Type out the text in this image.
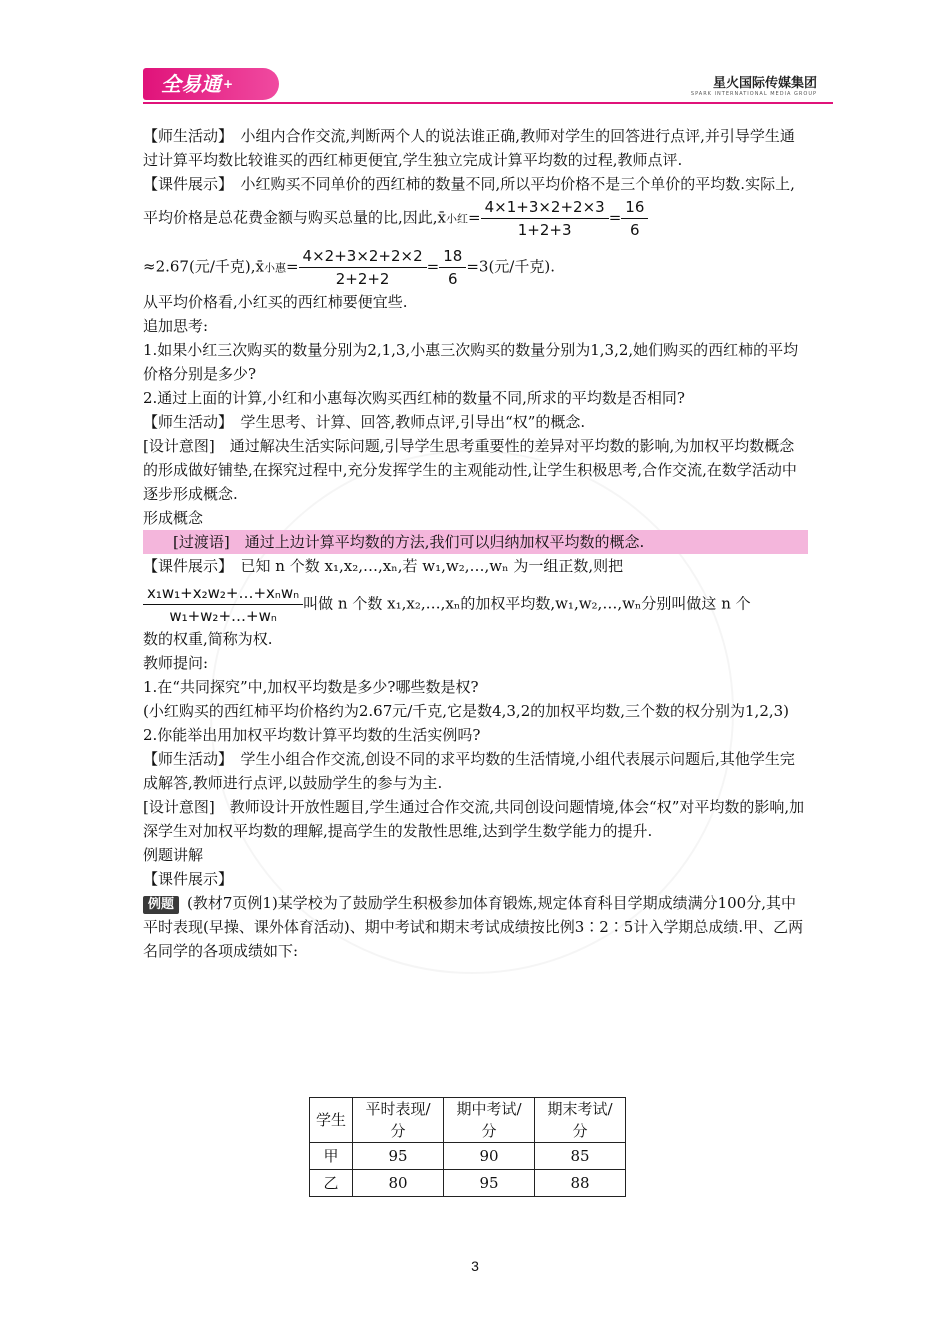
全易通 +	星火国际传媒集团
SPARK INTERNATIONAL MEDIA GROUP

【师生活动】　 小组内合作交流,判断两个人的说法谁正确,教师对学生的回答进行点评,并引导学生通过计算平均数比较谁买的西红柿更便宜,学生独立完成计算平均数的过程,教师点评.

【课件展示】　 小红购买不同单价的西红柿的数量不同,所以平均价格不是三个单价的平均数.实际上,平均价格是总花费金额与购买总量的比,因此,x̄小红= $\frac{4\times 1+3\times 2+2\times 3}{1+2+3} = \frac{16}{6}$

≈2.67(元/千克),x̄小惠= $\frac{4\times 2+3\times 2+2\times 2}{2+2+2} = \frac{18}{6} =3$(元/千克).

从平均价格看,小红买的西红柿要便宜些.

追加思考:

1.如果小红三次购买的数量分别为2,1,3,小惠三次购买的数量分别为1,3,2,她们购买的西红柿的平均价格分别是多少?

2.通过上面的计算,小红和小惠每次购买西红柿的数量不同,所求的平均数是否相同?

【师生活动】　 学生思考、计算、回答,教师点评,引导出“权”的概念.

[设计意图]　 通过解决生活实际问题,引导学生思考重要性的差异对平均数的影响,为加权平均数概念的形成做好铺垫,在探究过程中,充分发挥学生的主观能动性,让学生积极思考,合作交流,在数学活动中逐步形成概念.

形成概念

[过渡语]　 通过上边计算平均数的方法,我们可以归纳加权平均数的概念.

【课件展示】　 已知 n 个数 x₁,x₂,…,xₙ,若 w₁,w₂,…,wₙ 为一组正数,则把

$\frac{\text{x₁w₁+x₂w₂+…+xₙwₙ}}{\text{w₁+w₂+…+wₙ}}$ 叫做 n 个数 x₁,x₂,…,xₙ的加权平均数,w₁,w₂,…,wₙ分别叫做这 n 个

数的权重,简称为权.

教师提问:

1.在“共同探究”中,加权平均数是多少?哪些数是权?

(小红购买的西红柿平均价格约为2.67元/千克,它是数4,3,2的加权平均数,三个数的权分别为1,2,3)

2.你能举出用加权平均数计算平均数的生活实例吗?

【师生活动】　 学生小组合作交流,创设不同的求平均数的生活情境,小组代表展示问题后,其他学生完成解答,教师进行点评,以鼓励学生的参与为主.

[设计意图]　 教师设计开放性题目,学生通过合作交流,共同创设问题情境,体会“权”对平均数的影响,加深学生对加权平均数的理解,提高学生的发散性思维,达到学生数学能力的提升.

例题讲解

【课件展示】

例题 (教材7页例1)某学校为了鼓励学生积极参加体育锻炼,规定体育科目学期成绩满分100分,其中平时表现(早操、课外体育活动)、期中考试和期末考试成绩按比例3∶2∶5计入学期总成绩.甲、乙两名同学的各项成绩如下:

学生	平时表现/分	期中考试/分	期末考试/分
甲	95	90	85
乙	80	95	88
3
